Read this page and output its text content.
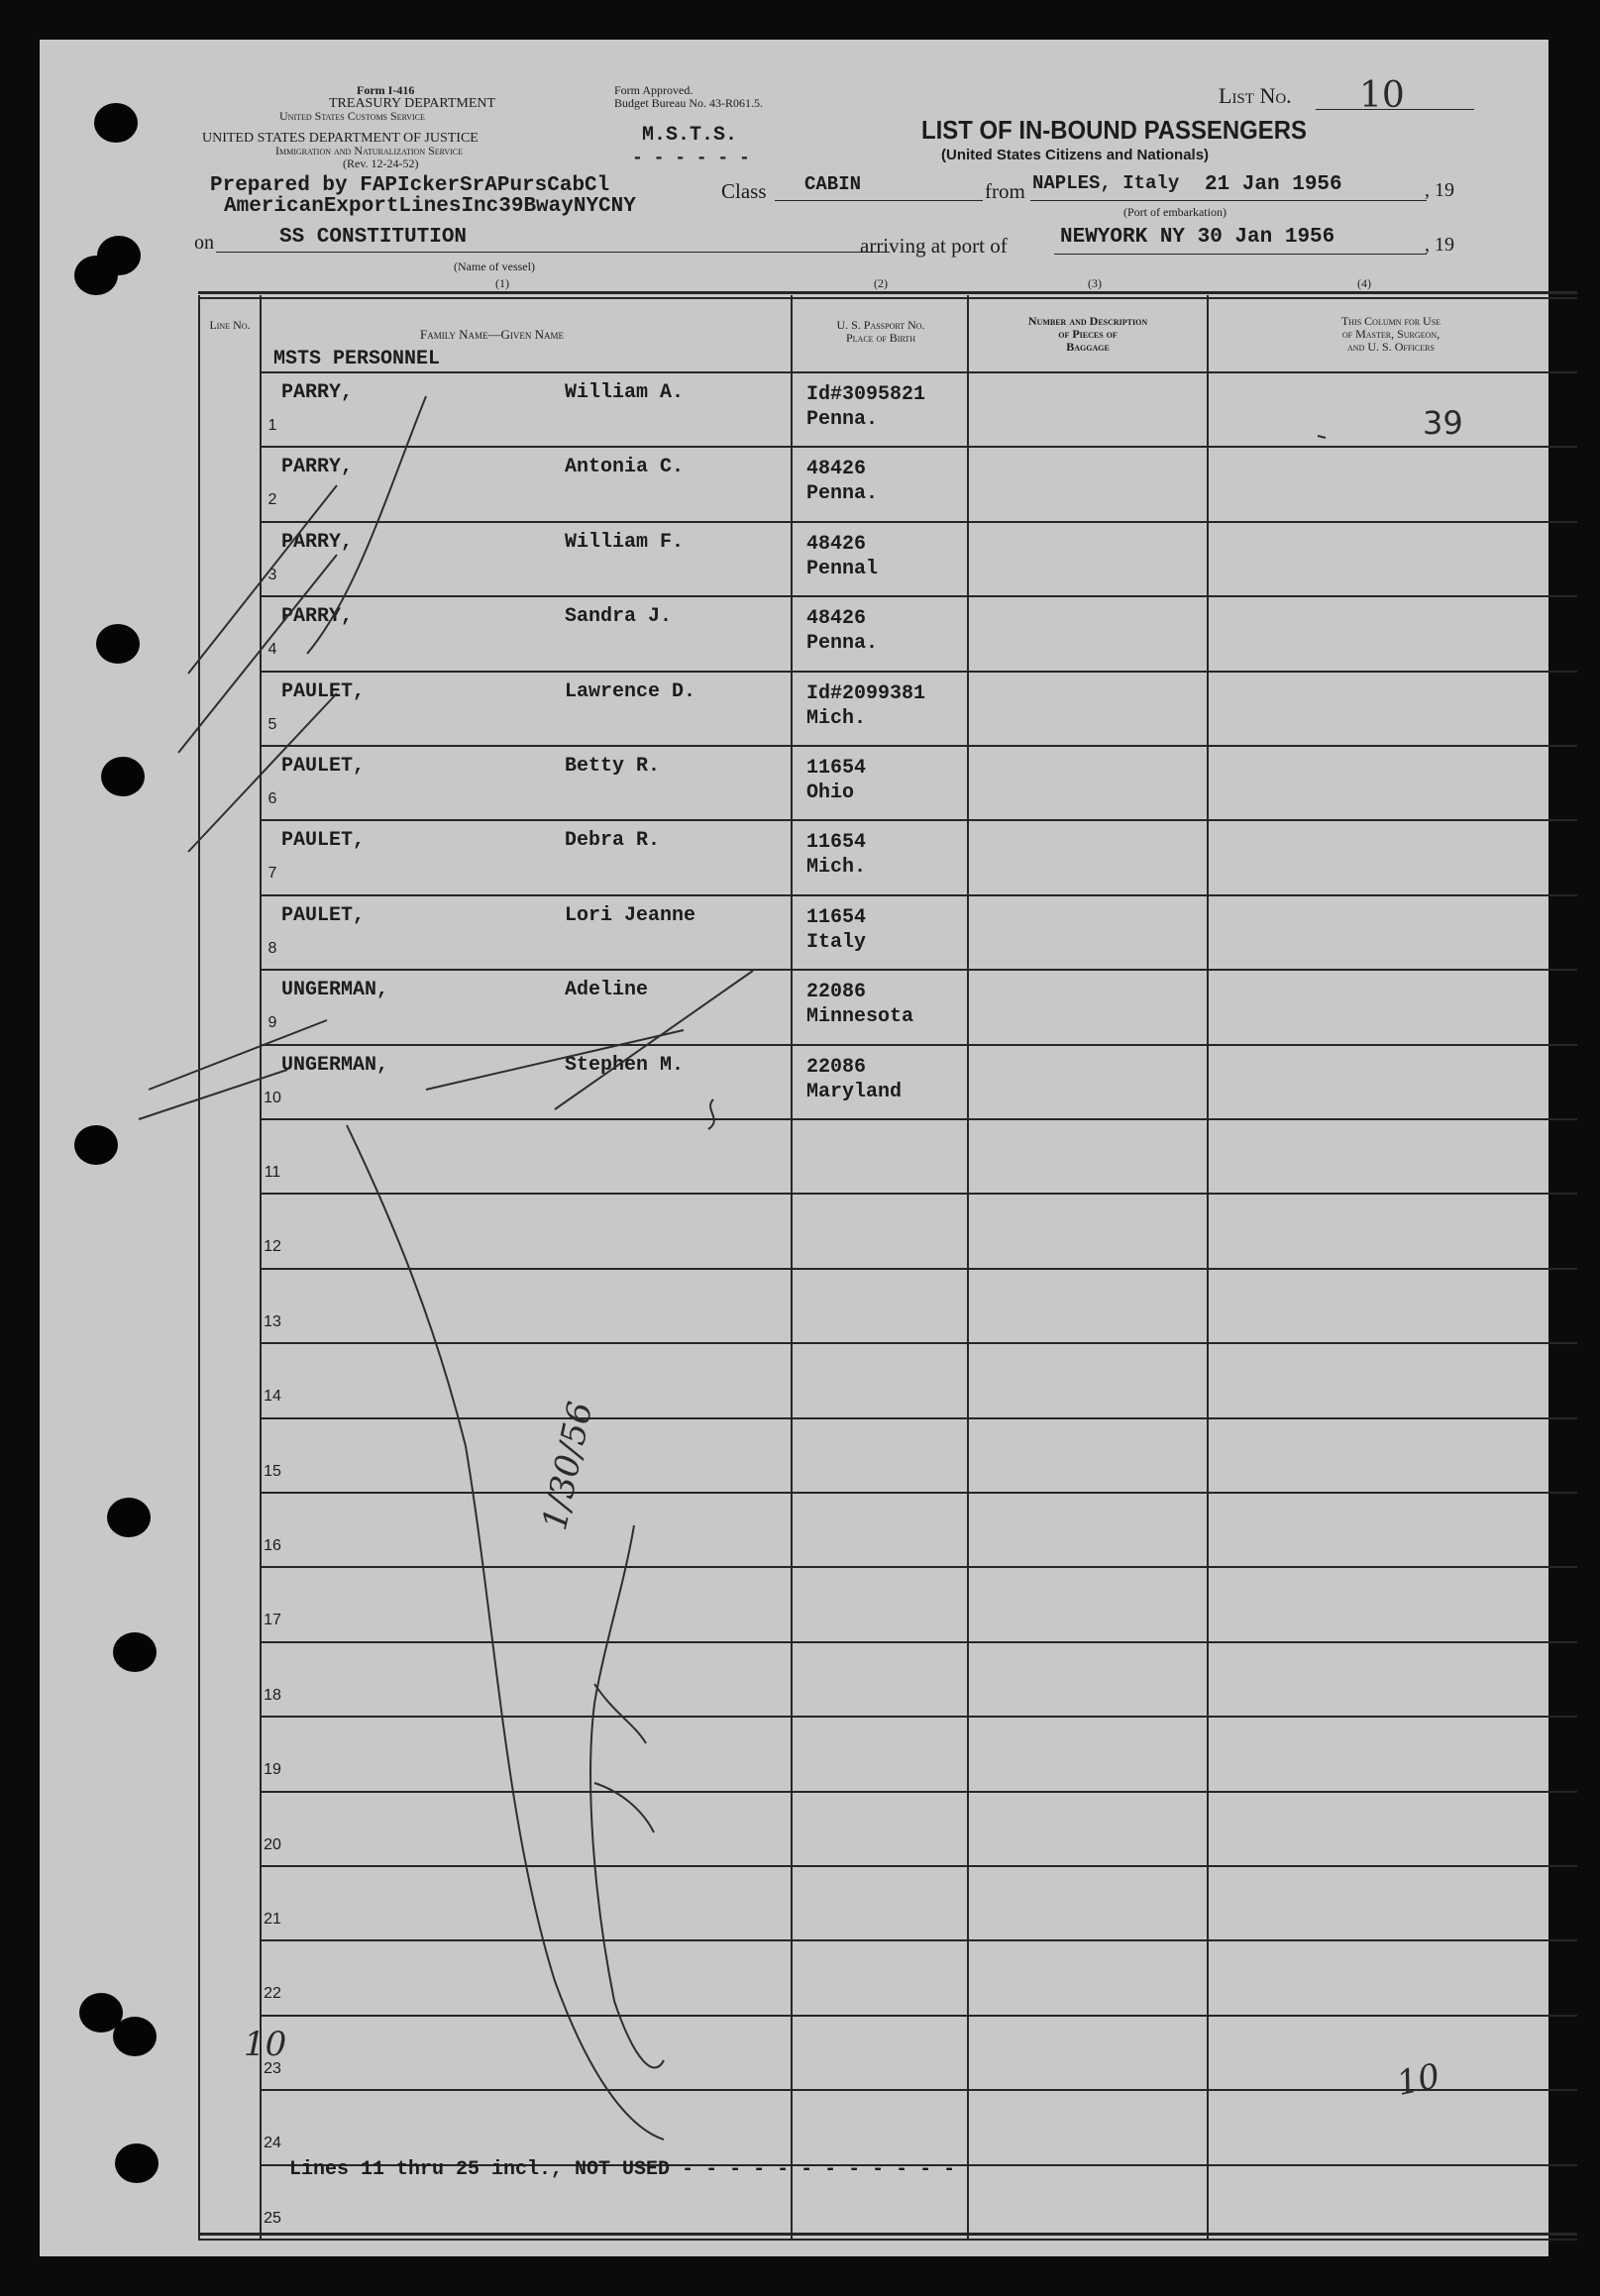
Form I-416
TREASURY DEPARTMENT
United States Customs Service
UNITED STATES DEPARTMENT OF JUSTICE
Immigration and Naturalization Service
(Rev. 12-24-52)
Form Approved.
Budget Bureau No. 43-R061.5.
M.S.T.S.
- - - - - -
List No. 10
LIST OF IN-BOUND PASSENGERS
(United States Citizens and Nationals)
Prepared by FAPIckerSrAPursCabCl
AmericanExportLinesInc39BwayNYCNY
Class CABIN	from NAPLES, Italy 21 Jan 1956	, 19
(Port of embarkation)
on	SS CONSTITUTION
(Name of vessel)
arriving at port of	NEWYORK NY 30 Jan 1956	, 19
(1)	(2)	(3)	(4)
Line No.
Family Name—Given Name
U. S. Passport No.
Place of Birth
Number and Description
of Pieces of
Baggage
This Column for Use
of Master, Surgeon,
and U. S. Officers
MSTS PERSONNEL
1
PARRY,	William A.	Id#3095821
Penna.
2
PARRY,	Antonia C.	48426
Penna.
3
PARRY,	William F.	48426
Pennal
4
PARRY,	Sandra J.	48426
Penna.
5
PAULET,	Lawrence D.	Id#2099381
Mich.
6
PAULET,	Betty R.	11654
Ohio
7
PAULET,	Debra R.	11654
Mich.
8
PAULET,	Lori Jeanne	11654
Italy
9
UNGERMAN,	Adeline	22086
Minnesota
10
UNGERMAN,	Stephen M.	22086
Maryland
11
12
13
14
15
16
17
18
19
20
21
22
23
24
25
Lines 11 thru 25 incl., NOT USED - - - - - - - - - - - -
39
10
10
1/30/56
